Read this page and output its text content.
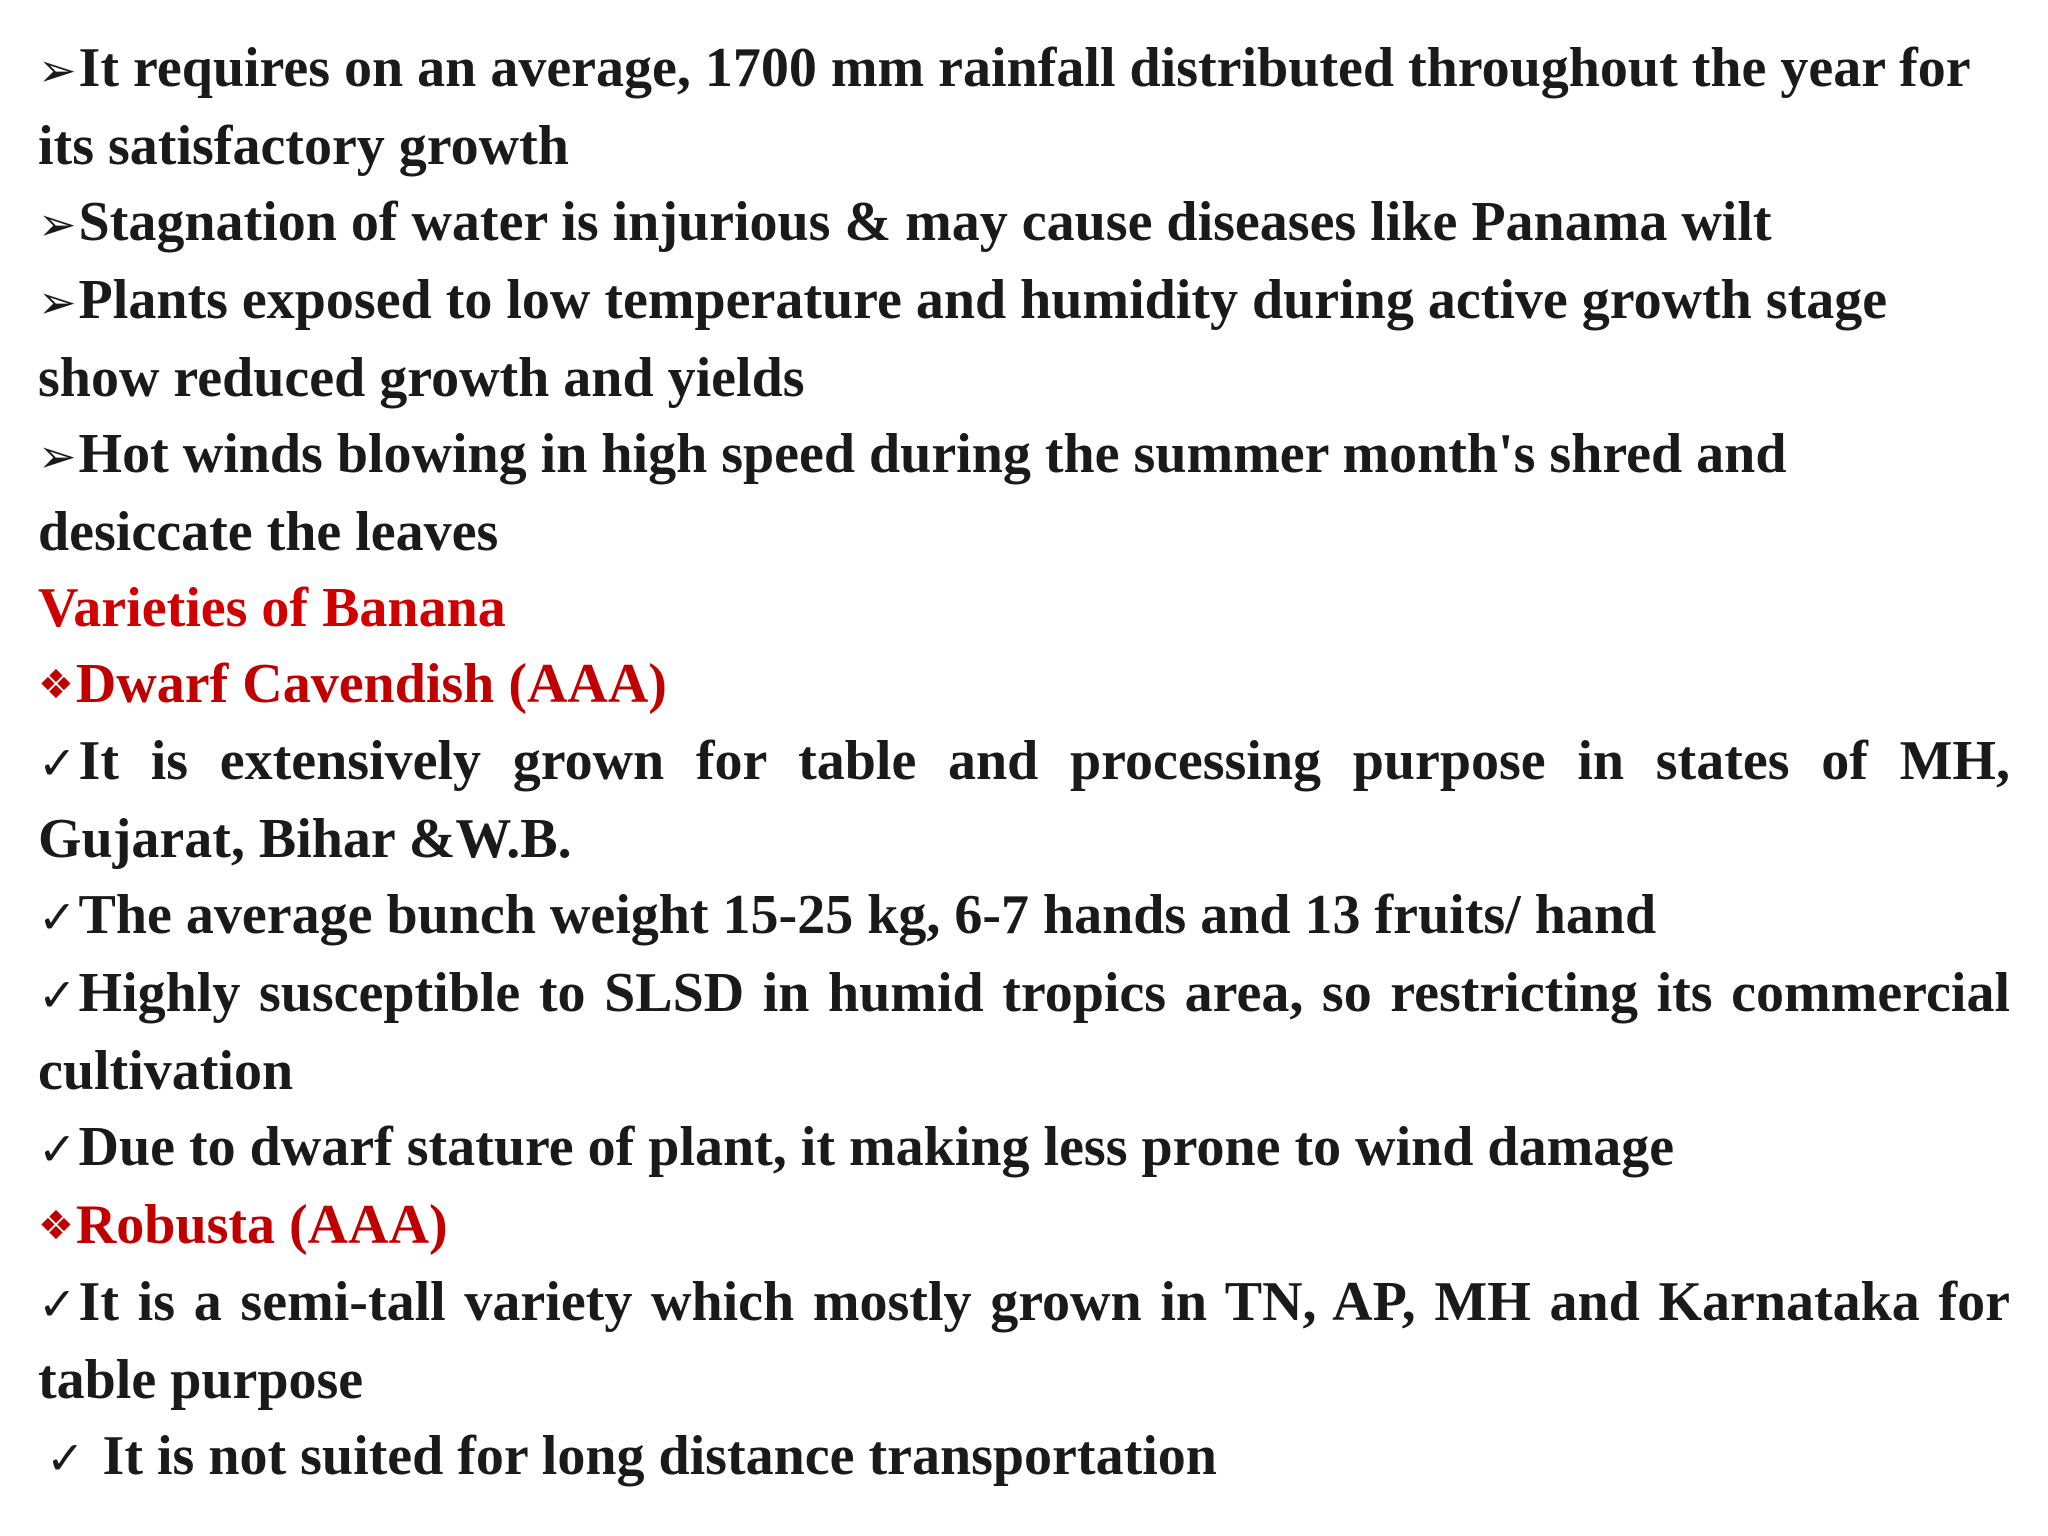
➢It requires on an average, 1700 mm rainfall distributed throughout the year for its satisfactory growth

➢Stagnation of water is injurious & may cause diseases like Panama wilt

➢Plants exposed to low temperature and humidity during active growth stage show reduced growth and yields

➢Hot winds blowing in high speed during the summer month's shred and desiccate the leaves

Varieties of Banana

❖Dwarf Cavendish (AAA)

✓It is extensively grown for table and processing purpose in states of MH, Gujarat, Bihar &W.B.

✓The average bunch weight 15-25 kg, 6-7 hands and 13 fruits/ hand

✓Highly susceptible to SLSD in humid tropics area, so restricting its commercial cultivation

✓Due to dwarf stature of plant, it making less prone to wind damage

❖Robusta (AAA)

✓It is a semi-tall variety which mostly grown in TN, AP, MH and Karnataka for table purpose

✓ It is not suited for long distance transportation
